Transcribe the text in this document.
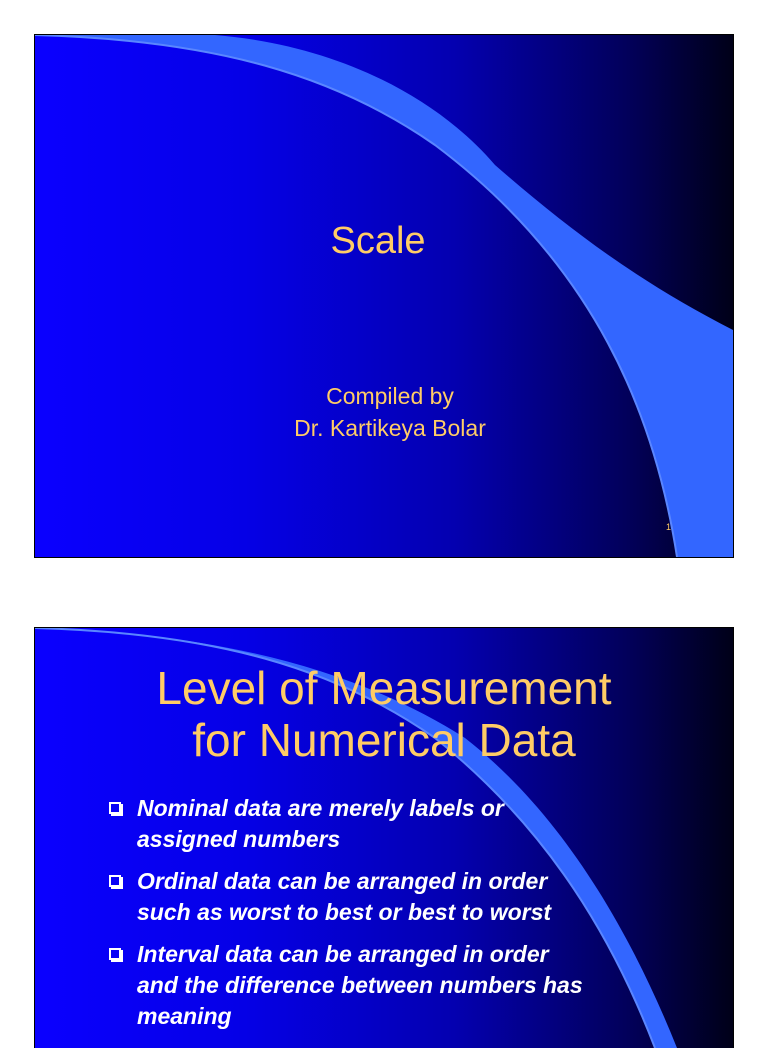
Scale
Compiled by
Dr. Kartikeya Bolar
1
Level of Measurement
for Numerical Data
Nominal data are merely labels or
assigned numbers
Ordinal data can be arranged in order
such as worst to best or best to worst
Interval data can be arranged in order
and the difference between numbers has
meaning
